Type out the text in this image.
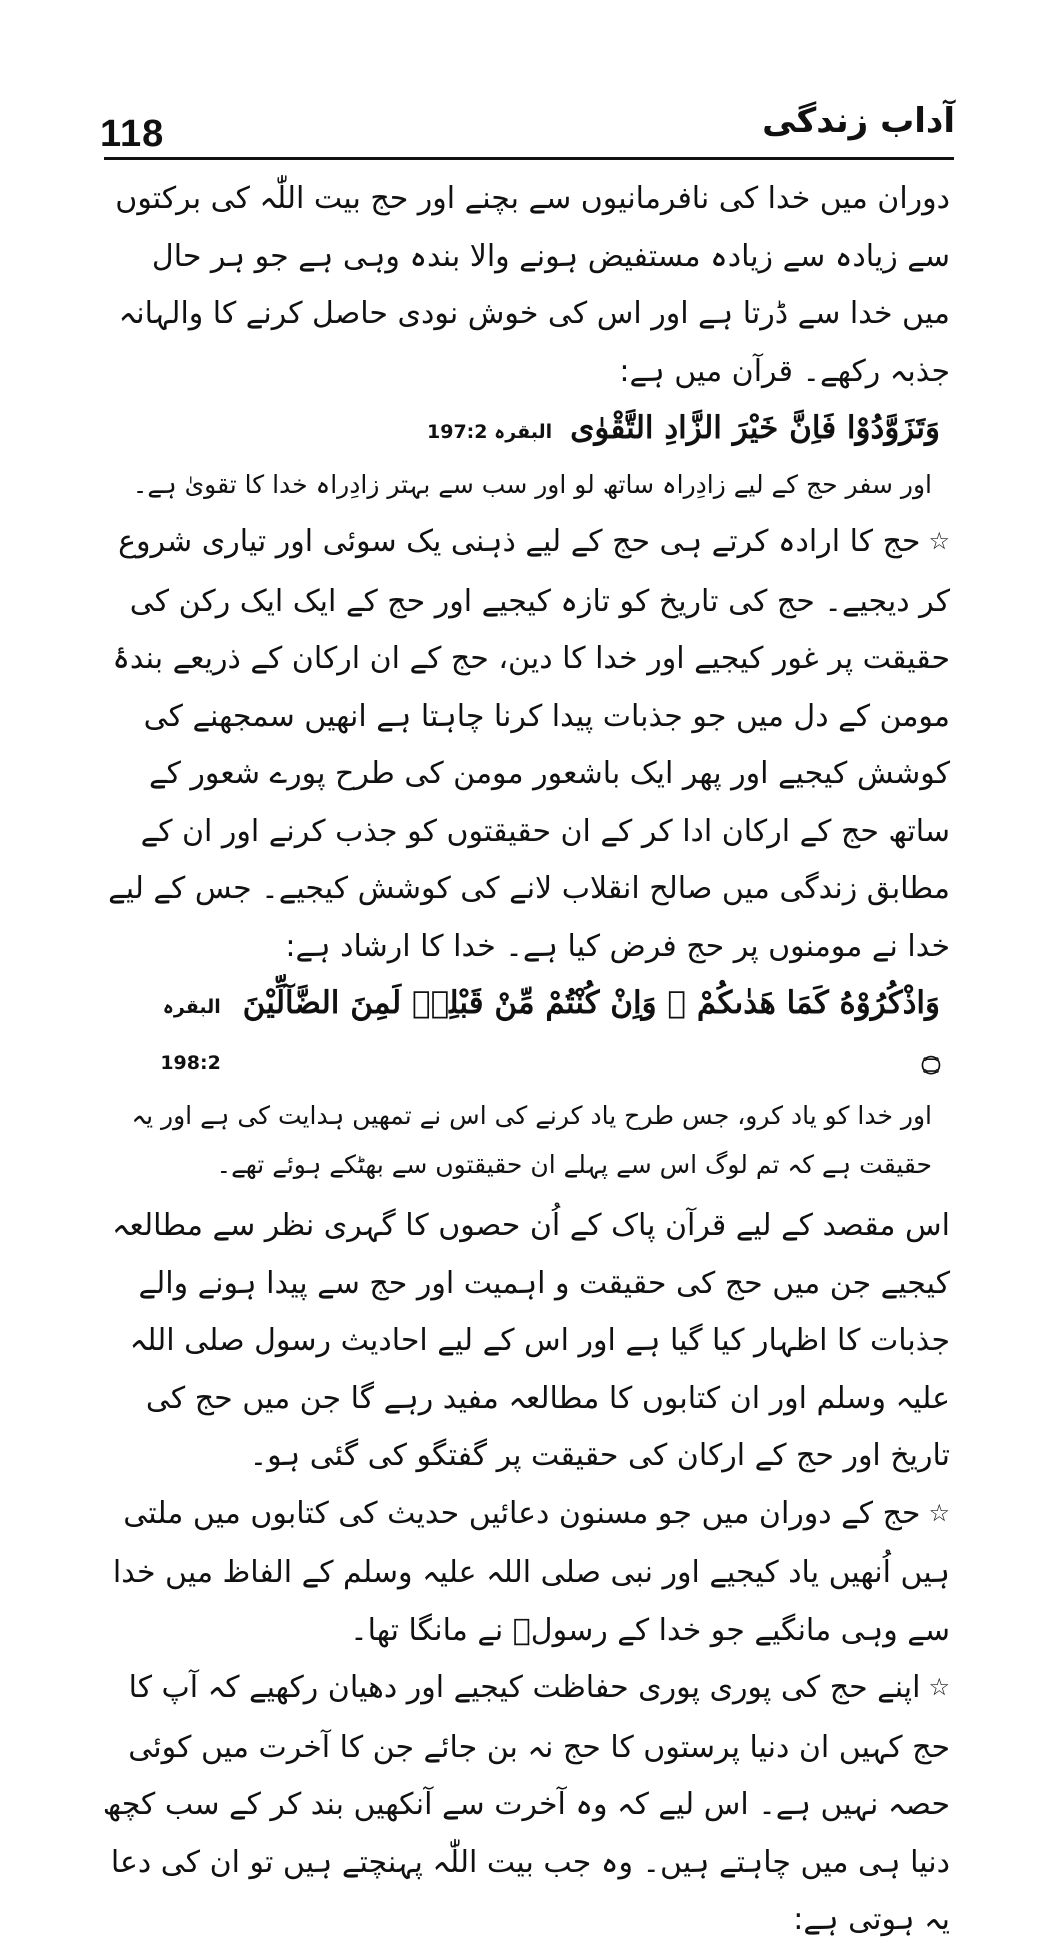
118	آداب زندگی

دوران میں خدا کی نافرمانیوں سے بچنے اور حج بیت اللّٰہ کی برکتوں سے زیادہ سے زیادہ مستفیض ہونے والا بندہ وہی ہے جو ہر حال میں خدا سے ڈرتا ہے اور اس کی خوش نودی حاصل کرنے کا والہانہ جذبہ رکھے۔ قرآن میں ہے:

وَتَزَوَّدُوْا فَاِنَّ خَيْرَ الزَّادِ التَّقْوٰى
البقرہ 197:2

اور سفر حج کے لیے زادِراہ ساتھ لو اور سب سے بہتر زادِراہ خدا کا تقویٰ ہے۔

☆حج کا ارادہ کرتے ہی حج کے لیے ذہنی یک سوئی اور تیاری شروع کر دیجیے۔ حج کی تاریخ کو تازہ کیجیے اور حج کے ایک ایک رکن کی حقیقت پر غور کیجیے اور خدا کا دین، حج کے ان ارکان کے ذریعے بندۂ مومن کے دل میں جو جذبات پیدا کرنا چاہتا ہے انھیں سمجھنے کی کوشش کیجیے اور پھر ایک باشعور مومن کی طرح پورے شعور کے ساتھ حج کے ارکان ادا کر کے ان حقیقتوں کو جذب کرنے اور ان کے مطابق زندگی میں صالح انقلاب لانے کی کوشش کیجیے۔ جس کے لیے خدا نے مومنوں پر حج فرض کیا ہے۔ خدا کا ارشاد ہے:

وَاذْكُرُوْهُ كَمَا هَدٰىكُمْ ۚ وَاِنْ كُنْتُمْ مِّنْ قَبْلِهٖ لَمِنَ الضَّآلِّيْنَ ۝
البقرہ 198:2

اور خدا کو یاد کرو، جس طرح یاد کرنے کی اس نے تمھیں ہدایت کی ہے اور یہ حقیقت ہے کہ تم لوگ اس سے پہلے ان حقیقتوں سے بھٹکے ہوئے تھے۔

اس مقصد کے لیے قرآن پاک کے اُن حصوں کا گہری نظر سے مطالعہ کیجیے جن میں حج کی حقیقت و اہمیت اور حج سے پیدا ہونے والے جذبات کا اظہار کیا گیا ہے اور اس کے لیے احادیث رسول صلی اللہ علیہ وسلم اور ان کتابوں کا مطالعہ مفید رہے گا جن میں حج کی تاریخ اور حج کے ارکان کی حقیقت پر گفتگو کی گئی ہو۔

☆حج کے دوران میں جو مسنون دعائیں حدیث کی کتابوں میں ملتی ہیں اُنھیں یاد کیجیے اور نبی صلی اللہ علیہ وسلم کے الفاظ میں خدا سے وہی مانگیے جو خدا کے رسولؐ نے مانگا تھا۔

☆اپنے حج کی پوری پوری حفاظت کیجیے اور دھیان رکھیے کہ آپ کا حج کہیں ان دنیا پرستوں کا حج نہ بن جائے جن کا آخرت میں کوئی حصہ نہیں ہے۔ اس لیے کہ وہ آخرت سے آنکھیں بند کر کے سب کچھ دنیا ہی میں چاہتے ہیں۔ وہ جب بیت اللّٰہ پہنچتے ہیں تو ان کی دعا یہ ہوتی ہے:
